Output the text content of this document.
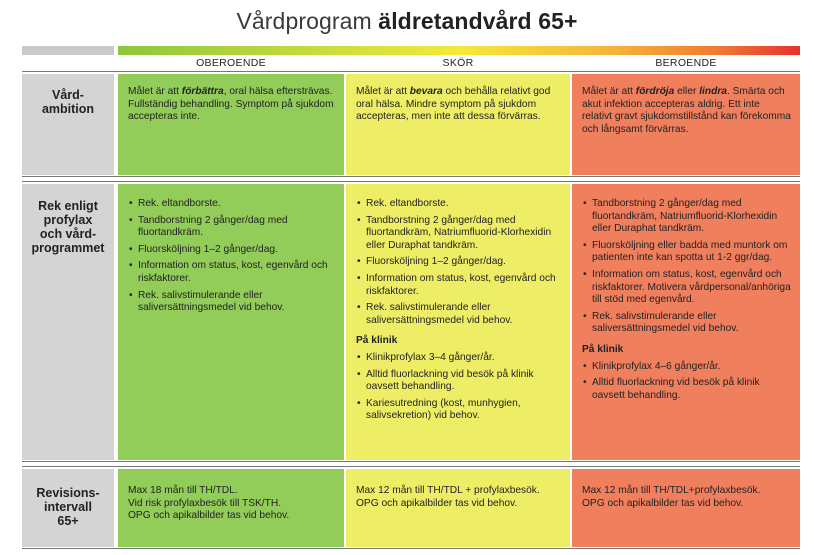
Vårdprogram äldretandvård 65+
OBEROENDE	SKÖR	BEROENDE
Vård-
ambition

Målet är att förbättra, oral hälsa eftersträvas. Fullständig behandling. Symptom på sjukdom accepteras inte.

Målet är att bevara och behålla relativt god oral hälsa. Mindre symptom på sjukdom accepteras, men inte att dessa förvärras.

Målet är att fördröja eller lindra. Smärta och akut infektion accepteras aldrig. Ett inte relativt gravt sjukdomstillstånd kan förekomma och långsamt förvärras.

Rek enligt
profylax
och vård-
programmet
• Rek. eltandborste.
• Tandborstning 2 gånger/dag med fluortandkräm.
• Fluorsköljning 1–2 gånger/dag.
• Information om status, kost, egenvård och riskfaktorer.
• Rek. salivstimulerande eller saliversättningsmedel vid behov.
• Rek. eltandborste.
• Tandborstning 2 gånger/dag med fluortandkräm, Natriumfluorid-Klorhexidin eller Duraphat tandkräm.
• Fluorsköljning 1–2 gånger/dag.
• Information om status, kost, egenvård och riskfaktorer.
• Rek. salivstimulerande eller saliversättningsmedel vid behov.
På klinik
• Klinikprofylax 3–4 gånger/år.
• Alltid fluorlackning vid besök på klinik oavsett behandling.
• Kariesutredning (kost, munhygien, salivsekretion) vid behov.
• Tandborstning 2 gånger/dag med fluortandkräm, Natriumfluorid-Klorhexidin eller Duraphat tandkräm.
• Fluorsköljning eller badda med muntork om patienten inte kan spotta ut 1-2 ggr/dag.
• Information om status, kost, egenvård och riskfaktorer. Motivera vårdpersonal/anhöriga till stöd med egenvård.
• Rek. salivstimulerande eller saliversättningsmedel vid behov.
På klinik
• Klinikprofylax 4–6 gånger/år.
• Alltid fluorlackning vid besök på klinik oavsett behandling.
Revisions-
intervall
65+

Max 18 mån till TH/TDL.

Vid risk profylaxbesök till TSK/TH.

OPG och apikalbilder tas vid behov.

Max 12 mån till TH/TDL + profylaxbesök.

OPG och apikalbilder tas vid behov.

Max 12 mån till TH/TDL+profylaxbesök.

OPG och apikalbilder tas vid behov.
